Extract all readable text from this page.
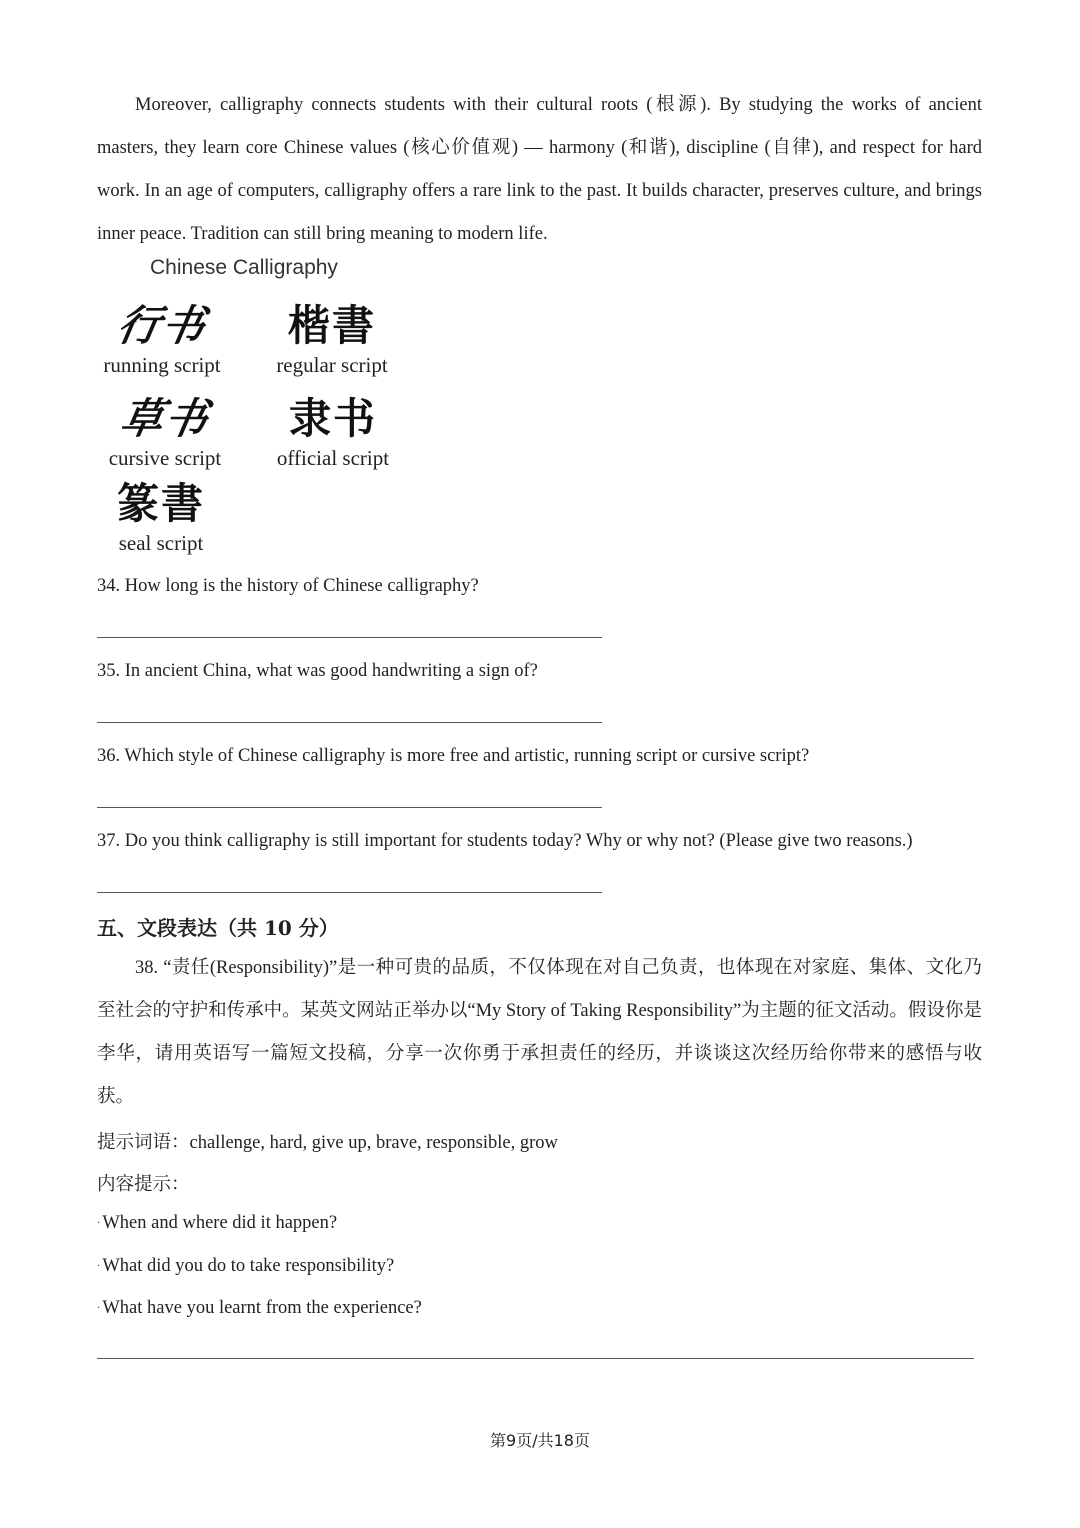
Moreover, calligraphy connects students with their cultural roots (根源). By studying the works of ancient masters, they learn core Chinese values (核心价值观) — harmony (和谐), discipline (自律), and respect for hard work. In an age of computers, calligraphy offers a rare link to the past. It builds character, preserves culture, and brings inner peace. Tradition can still bring meaning to modern life.

Chinese Calligraphy
行书
running script
楷書
regular script
草书
cursive script
隶书
official script
篆書
seal script

34. How long is the history of Chinese calligraphy?

35. In ancient China, what was good handwriting a sign of?

36. Which style of Chinese calligraphy is more free and artistic, running script or cursive script?

37. Do you think calligraphy is still important for students today? Why or why not? (Please give two reasons.)

五、文段表达（共 10 分）

38. “责任(Responsibility)”是一种可贵的品质，不仅体现在对自己负责，也体现在对家庭、集体、文化乃至社会的守护和传承中。某英文网站正举办以“My Story of Taking Responsibility”为主题的征文活动。假设你是李华，请用英语写一篇短文投稿，分享一次你勇于承担责任的经历，并谈谈这次经历给你带来的感悟与收获。

提示词语：challenge, hard, give up, brave, responsible, grow

内容提示：

· When and where did it happen?

· What did you do to take responsibility?

· What have you learnt from the experience?

第9页/共18页
